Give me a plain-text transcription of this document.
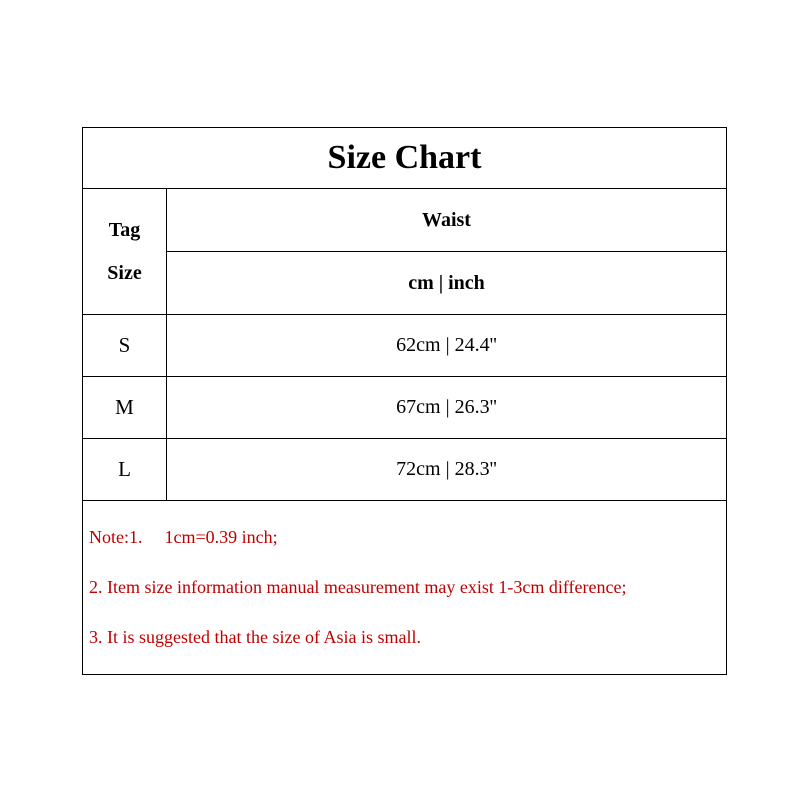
Size Chart
Tag
Size
Waist
cm | inch
S	62cm | 24.4''
M	67cm | 26.3''
L	72cm | 28.3''
Note:1. 1cm=0.39 inch;
2. Item size information manual measurement may exist 1-3cm difference;
3. It is suggested that the size of Asia is small.
